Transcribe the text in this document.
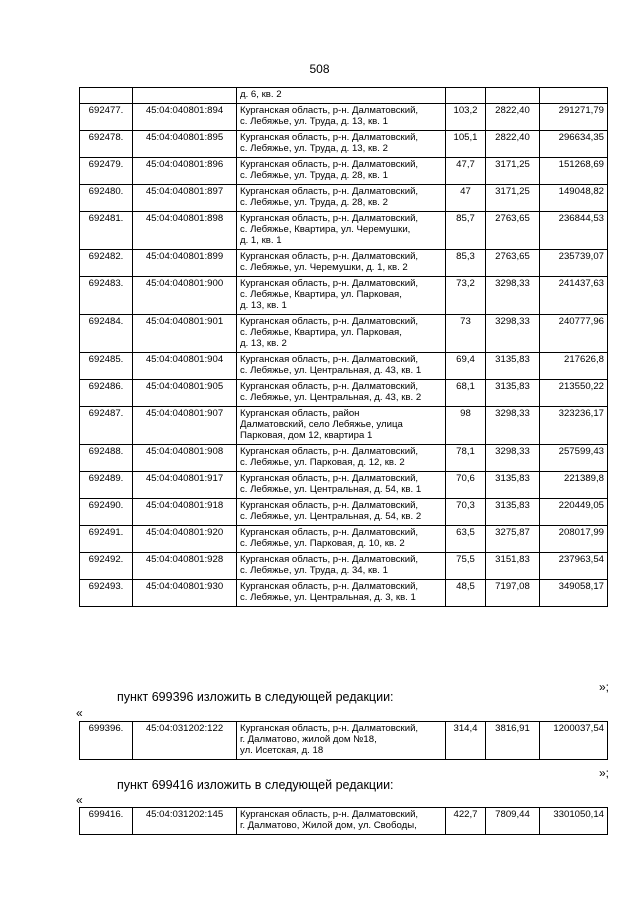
508

		д. 6, кв. 2			

692477.	45:04:040801:894	Курганская область, р-н. Далматовский,
с. Лебяжье, ул. Труда, д. 13, кв. 1	103,2	2822,40	291271,79
692478.	45:04:040801:895	Курганская область, р-н. Далматовский,
с. Лебяжье, ул. Труда, д. 13, кв. 2	105,1	2822,40	296634,35
692479.	45:04:040801:896	Курганская область, р-н. Далматовский,
с. Лебяжье, ул. Труда, д. 28, кв. 1	47,7	3171,25	151268,69
692480.	45:04:040801:897	Курганская область, р-н. Далматовский,
с. Лебяжье, ул. Труда, д. 28, кв. 2	47	3171,25	149048,82
692481.	45:04:040801:898	Курганская область, р-н. Далматовский,
с. Лебяжье, Квартира, ул. Черемушки,
д. 1, кв. 1	85,7	2763,65	236844,53
692482.	45:04:040801:899	Курганская область, р-н. Далматовский,
с. Лебяжье, ул. Черемушки, д. 1, кв. 2	85,3	2763,65	235739,07
692483.	45:04:040801:900	Курганская область, р-н. Далматовский,
с. Лебяжье, Квартира, ул. Парковая,
д. 13, кв. 1	73,2	3298,33	241437,63
692484.	45:04:040801:901	Курганская область, р-н. Далматовский,
с. Лебяжье, Квартира, ул. Парковая,
д. 13, кв. 2	73	3298,33	240777,96
692485.	45:04:040801:904	Курганская область, р-н. Далматовский,
с. Лебяжье, ул. Центральная, д. 43, кв. 1	69,4	3135,83	217626,8
692486.	45:04:040801:905	Курганская область, р-н. Далматовский,
с. Лебяжье, ул. Центральная, д. 43, кв. 2	68,1	3135,83	213550,22
692487.	45:04:040801:907	Курганская область, район
Далматовский, село Лебяжье, улица
Парковая, дом 12, квартира 1	98	3298,33	323236,17
692488.	45:04:040801:908	Курганская область, р-н. Далматовский,
с. Лебяжье, ул. Парковая, д. 12, кв. 2	78,1	3298,33	257599,43
692489.	45:04:040801:917	Курганская область, р-н. Далматовский,
с. Лебяжье, ул. Центральная, д. 54, кв. 1	70,6	3135,83	221389,8
692490.	45:04:040801:918	Курганская область, р-н. Далматовский,
с. Лебяжье, ул. Центральная, д. 54, кв. 2	70,3	3135,83	220449,05
692491.	45:04:040801:920	Курганская область, р-н. Далматовский,
с. Лебяжье, ул. Парковая, д. 10, кв. 2	63,5	3275,87	208017,99
692492.	45:04:040801:928	Курганская область, р-н. Далматовский,
с. Лебяжье, ул. Труда, д. 34, кв. 1	75,5	3151,83	237963,54
692493.	45:04:040801:930	Курганская область, р-н. Далматовский,
с. Лебяжье, ул. Центральная, д. 3, кв. 1	48,5	7197,08	349058,17
»;
пункт 699396 изложить в следующей редакции:
«
699396.	45:04:031202:122	Курганская область, р-н. Далматовский,
г. Далматово, жилой дом №18,
ул. Исетская, д. 18
	314,4	3816,91	1200037,54
»;
пункт 699416 изложить в следующей редакции:
«
699416.	45:04:031202:145	Курганская область, р-н. Далматовский,
г. Далматово, Жилой дом, ул. Свободы,
	422,7	7809,44	3301050,14
